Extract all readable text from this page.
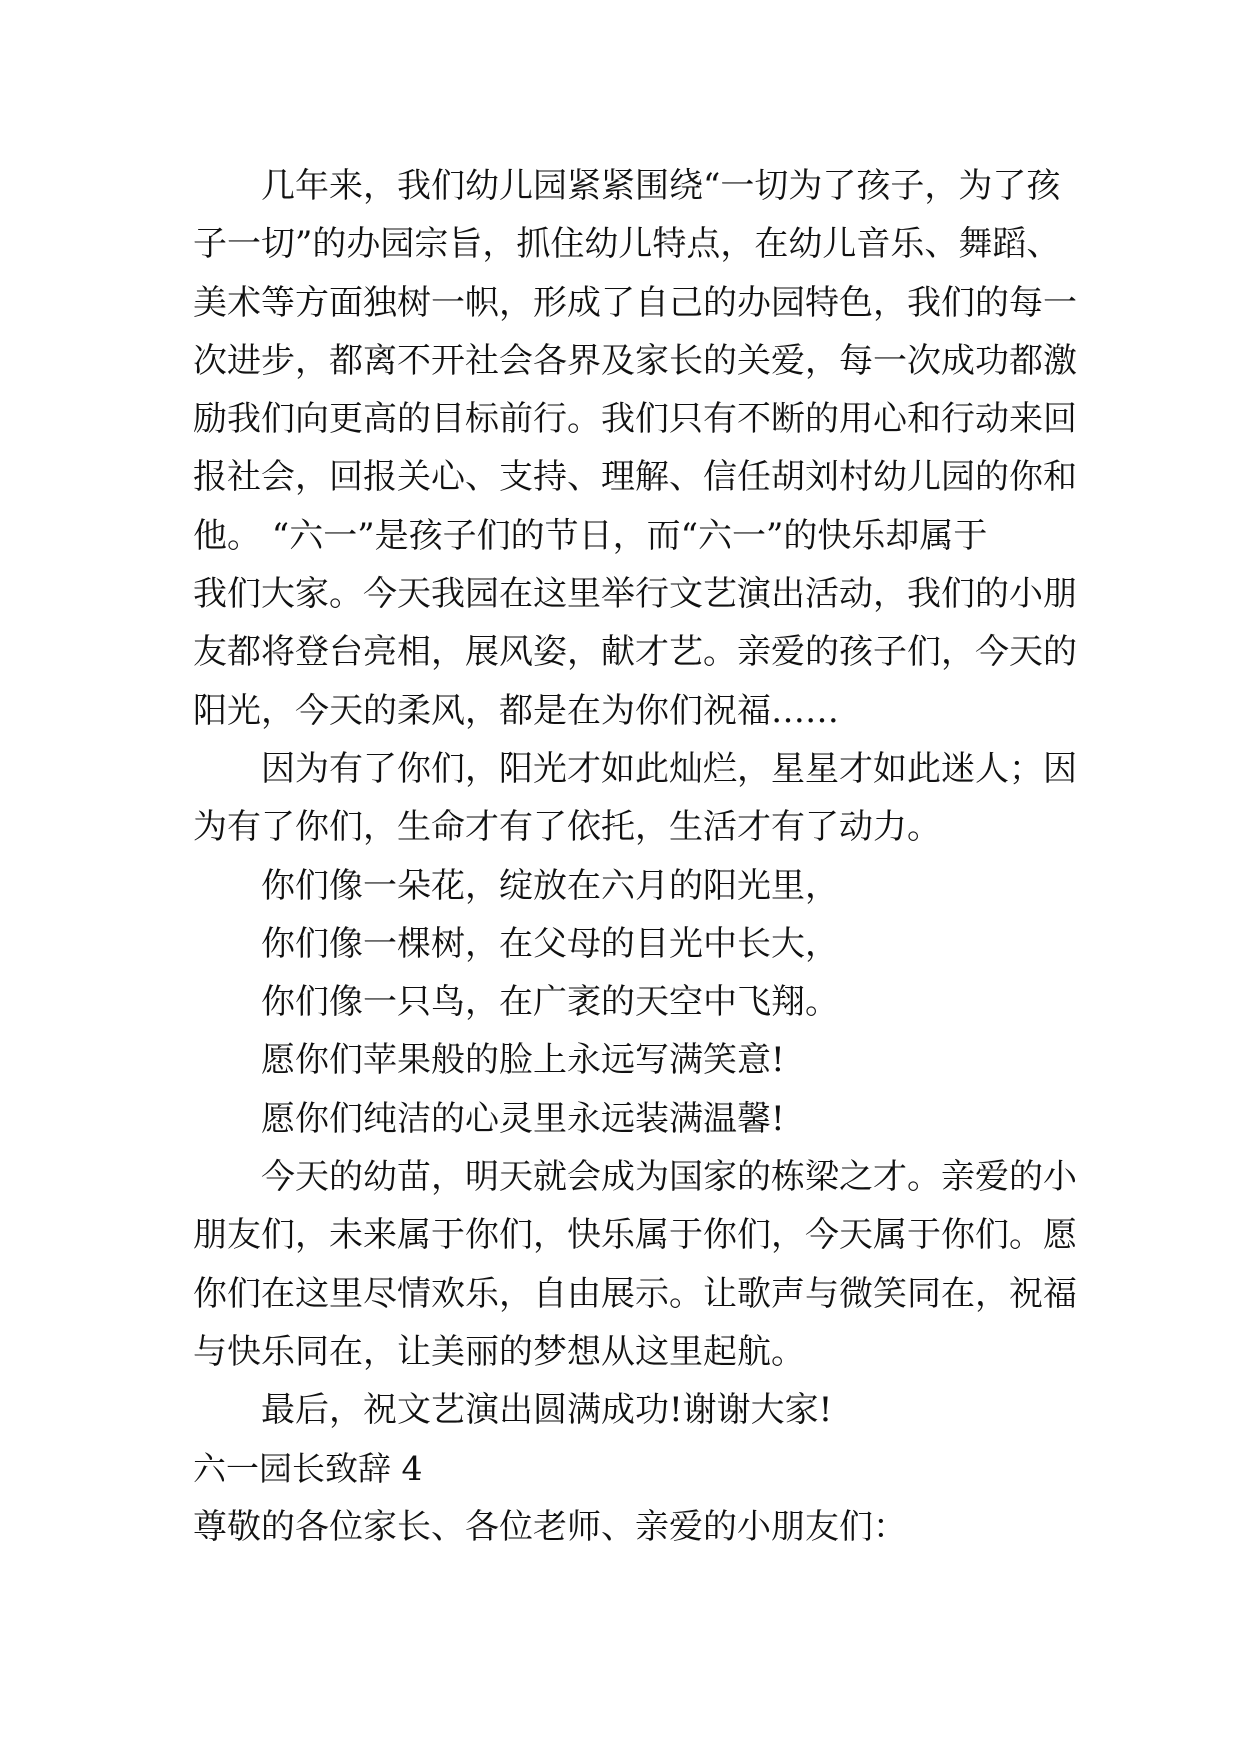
几年来，我们幼儿园紧紧围绕“一切为了孩子，为了孩
子一切”的办园宗旨，抓住幼儿特点，在幼儿音乐、舞蹈、
美术等方面独树一帜，形成了自己的办园特色，我们的每一
次进步，都离不开社会各界及家长的关爱，每一次成功都激
励我们向更高的目标前行。我们只有不断的用心和行动来回
报社会，回报关心、支持、理解、信任胡刘村幼儿园的你和
他。 “六一”是孩子们的节日，而“六一”的快乐却属于
我们大家。今天我园在这里举行文艺演出活动，我们的小朋
友都将登台亮相，展风姿，献才艺。亲爱的孩子们，今天的
阳光，今天的柔风，都是在为你们祝福……
因为有了你们，阳光才如此灿烂，星星才如此迷人；因
为有了你们，生命才有了依托，生活才有了动力。
你们像一朵花，绽放在六月的阳光里，
你们像一棵树，在父母的目光中长大，
你们像一只鸟，在广袤的天空中飞翔。
愿你们苹果般的脸上永远写满笑意!
愿你们纯洁的心灵里永远装满温馨!
今天的幼苗，明天就会成为国家的栋梁之才。亲爱的小
朋友们，未来属于你们，快乐属于你们，今天属于你们。愿
你们在这里尽情欢乐，自由展示。让歌声与微笑同在，祝福
与快乐同在，让美丽的梦想从这里起航。
最后，祝文艺演出圆满成功!谢谢大家!
六一园长致辞 4
尊敬的各位家长、各位老师、亲爱的小朋友们：
